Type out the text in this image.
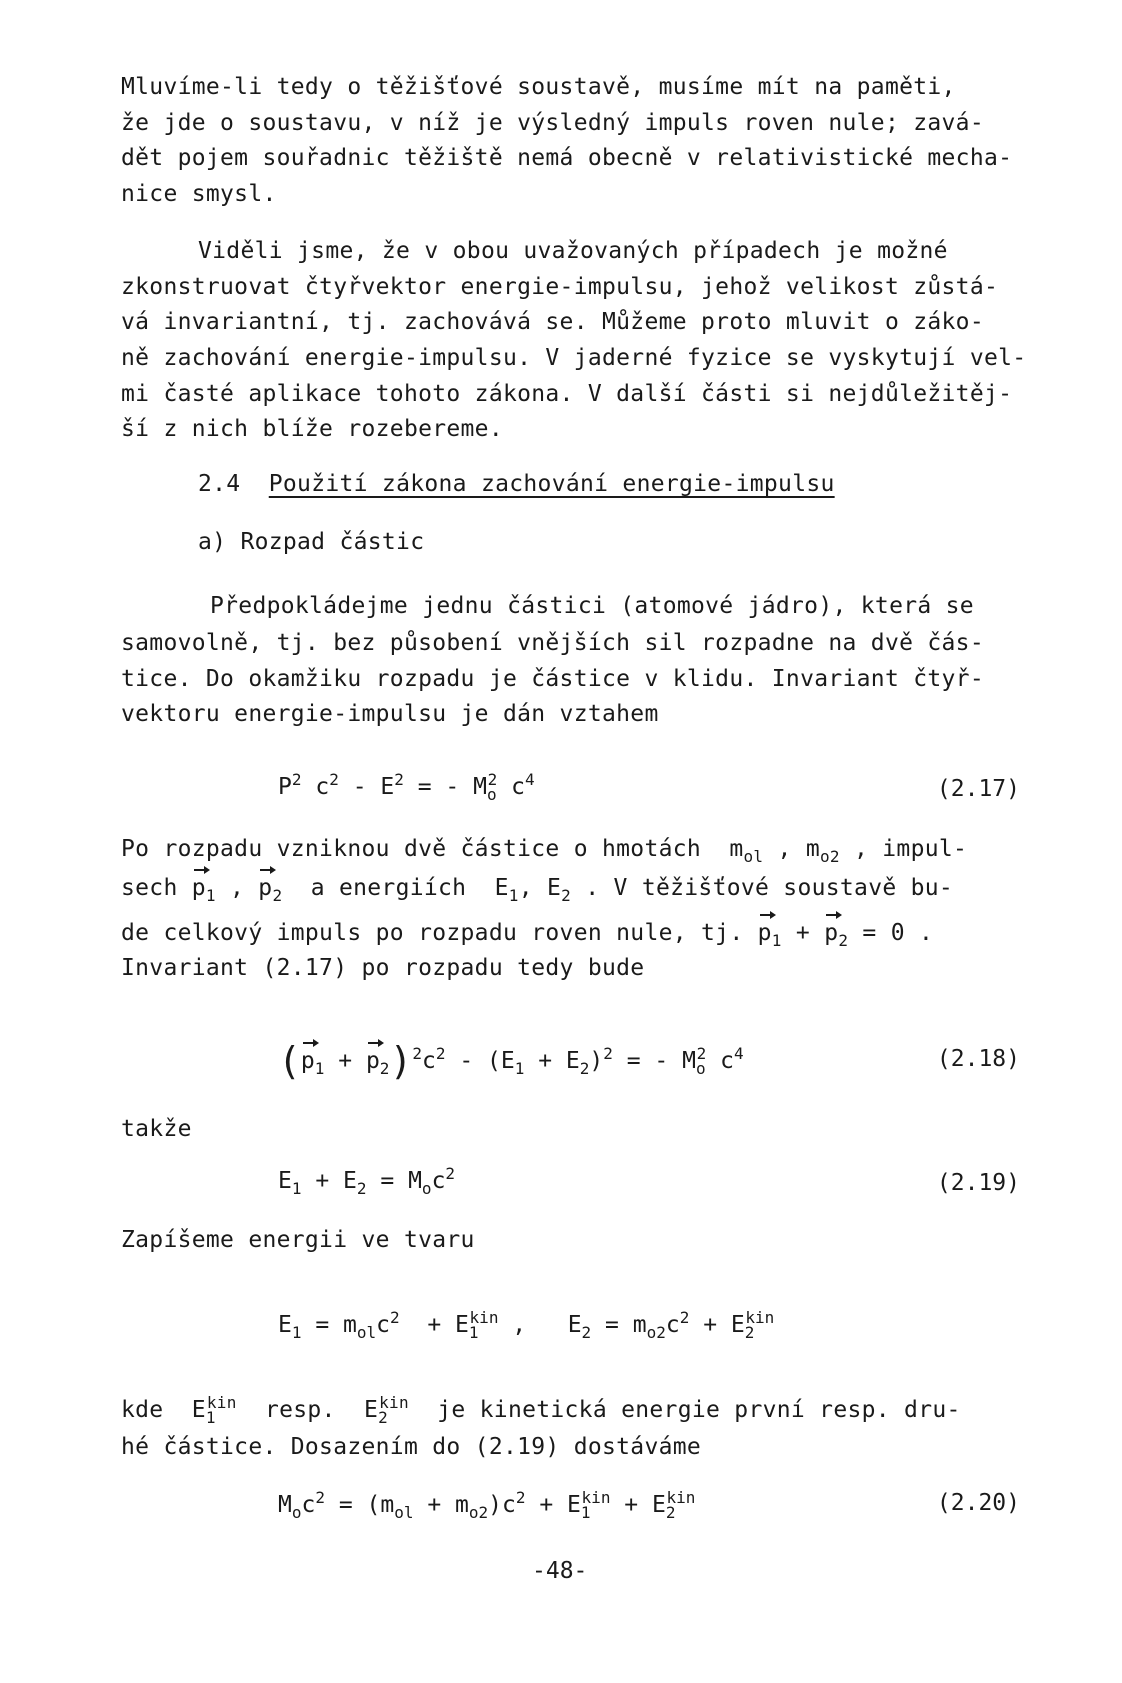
Mluvíme-li tedy o těžišťové soustavě, musíme mít na paměti,
že jde o soustavu, v níž je výsledný impuls roven nule; zavá-
dět pojem souřadnic těžiště nemá obecně v relativistické mecha-
nice smysl.
Viděli jsme, že v obou uvažovaných případech je možné
zkonstruovat čtyřvektor energie-impulsu, jehož velikost zůstá-
vá invariantní, tj. zachovává se. Můžeme proto mluvit o záko-
ně zachování energie-impulsu. V jaderné fyzice se vyskytují vel-
mi časté aplikace tohoto zákona. V další části si nejdůležitěj-
ší z nich blíže rozebereme.
2.4 Použití zákona zachování energie-impulsu
a) Rozpad částic
Předpokládejme jednu částici (atomové jádro), která se
samovolně, tj. bez působení vnějších sil rozpadne na dvě čás-
tice. Do okamžiku rozpadu je částice v klidu. Invariant čtyř-
vektoru energie-impulsu je dán vztahem
$P^2$ $c^2 - E^2$ = - $M_o^2$ $c^4$	(2.17)
Po rozpadu vzniknou dvě částice o hmotách  $m_{ol}$ , $m_{o2}$ , impul-
sech $p_1$ , $p_2$ a energiích  $E_1$, $E_2$ . V těžišťové soustavě bu-
de celkový impuls po rozpadu roven nule, tj. $p_1 + p_2 = 0$ .
Invariant (2.17) po rozpadu tedy bude
$(p_1 + p_2)^2c^2 - (E_1 + E_2)^2$ = - $M_o^2$ $c^4$	(2.18)
takže
$E_1 + E_2 = M_oc^2$	(2.19)
Zapíšeme energii ve tvaru
$E_1 = m_{ol}c^2 + E_1^{kin}$ ,   $E_2 = m_{o2}c^2 + E_2^{kin}$
kde  $E_1^{kin}$ resp.  $E_2^{kin}$ je kinetická energie první resp. dru-
hé částice. Dosazením do (2.19) dostáváme
$M_oc^2 = (m_{ol} + m_{o2})c^2 + E_1^{kin} + E_2^{kin}$	(2.20)
-48-
